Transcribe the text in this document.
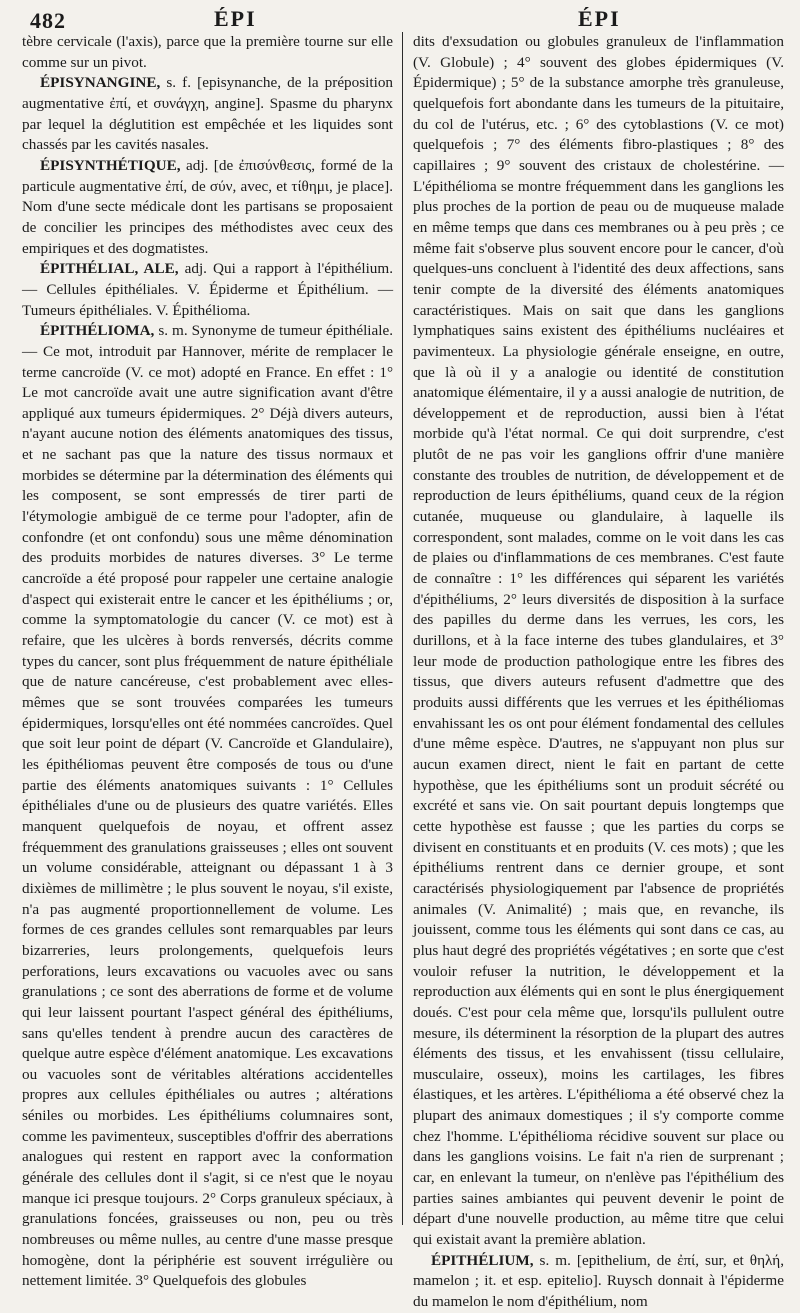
482	ÉPI	ÉPI

tèbre cervicale (l'axis), parce que la première tourne sur elle comme sur un pivot.

ÉPISYNANGINE, s. f. [episynanche, de la préposition augmentative ἐπί, et συνάγχη, angine]. Spasme du pharynx par lequel la déglutition est empêchée et les liquides sont chassés par les cavités nasales.

ÉPISYNTHÉTIQUE, adj. [de ἐπισύνθεσις, formé de la particule augmentative ἐπί, de σύν, avec, et τίθημι, je place]. Nom d'une secte médicale dont les partisans se proposaient de concilier les principes des méthodistes avec ceux des empiriques et des dogmatistes.

ÉPITHÉLIAL, ALE, adj. Qui a rapport à l'épithélium. — Cellules épithéliales. V. Épiderme et Épithélium. — Tumeurs épithéliales. V. Épithélioma.

ÉPITHÉLIOMA, s. m. Synonyme de tumeur épithéliale. — Ce mot, introduit par Hannover, mérite de remplacer le terme cancroïde (V. ce mot) adopté en France. En effet : 1° Le mot cancroïde avait une autre signification avant d'être appliqué aux tumeurs épidermiques. 2° Déjà divers auteurs, n'ayant aucune notion des éléments anatomiques des tissus, et ne sachant pas que la nature des tissus normaux et morbides se détermine par la détermination des éléments qui les composent, se sont empressés de tirer parti de l'étymologie ambiguë de ce terme pour l'adopter, afin de confondre (et ont confondu) sous une même dénomination des produits morbides de natures diverses. 3° Le terme cancroïde a été proposé pour rappeler une certaine analogie d'aspect qui existerait entre le cancer et les épithéliums ; or, comme la symptomatologie du cancer (V. ce mot) est à refaire, que les ulcères à bords renversés, décrits comme types du cancer, sont plus fréquemment de nature épithéliale que de nature cancéreuse, c'est probablement avec elles-mêmes que se sont trouvées comparées les tumeurs épidermiques, lorsqu'elles ont été nommées cancroïdes. Quel que soit leur point de départ (V. Cancroïde et Glandulaire), les épithéliomas peuvent être composés de tous ou d'une partie des éléments anatomiques suivants : 1° Cellules épithéliales d'une ou de plusieurs des quatre variétés. Elles manquent quelquefois de noyau, et offrent assez fréquemment des granulations graisseuses ; elles ont souvent un volume considérable, atteignant ou dépassant 1 à 3 dixièmes de millimètre ; le plus souvent le noyau, s'il existe, n'a pas augmenté proportionnellement de volume. Les formes de ces grandes cellules sont remarquables par leurs bizarreries, leurs prolongements, quelquefois leurs perforations, leurs excavations ou vacuoles avec ou sans granulations ; ce sont des aberrations de forme et de volume qui leur laissent pourtant l'aspect général des épithéliums, sans qu'elles tendent à prendre aucun des caractères de quelque autre espèce d'élément anatomique. Les excavations ou vacuoles sont de véritables altérations accidentelles propres aux cellules épithéliales ou autres ; altérations séniles ou morbides. Les épithéliums columnaires sont, comme les pavimenteux, susceptibles d'offrir des aberrations analogues qui restent en rapport avec la conformation générale des cellules dont il s'agit, si ce n'est que le noyau manque ici presque toujours. 2° Corps granuleux spéciaux, à granulations foncées, graisseuses ou non, peu ou très nombreuses ou même nulles, au centre d'une masse presque homogène, dont la périphérie est souvent irrégulière ou nettement limitée. 3° Quelquefois des globules

dits d'exsudation ou globules granuleux de l'inflammation (V. Globule) ; 4° souvent des globes épidermiques (V. Épidermique) ; 5° de la substance amorphe très granuleuse, quelquefois fort abondante dans les tumeurs de la pituitaire, du col de l'utérus, etc. ; 6° des cytoblastions (V. ce mot) quelquefois ; 7° des éléments fibro-plastiques ; 8° des capillaires ; 9° souvent des cristaux de cholestérine. — L'épithélioma se montre fréquemment dans les ganglions les plus proches de la portion de peau ou de muqueuse malade en même temps que dans ces membranes ou à peu près ; ce même fait s'observe plus souvent encore pour le cancer, d'où quelques-uns concluent à l'identité des deux affections, sans tenir compte de la diversité des éléments anatomiques caractéristiques. Mais on sait que dans les ganglions lymphatiques sains existent des épithéliums nucléaires et pavimenteux. La physiologie générale enseigne, en outre, que là où il y a analogie ou identité de constitution anatomique élémentaire, il y a aussi analogie de nutrition, de développement et de reproduction, aussi bien à l'état morbide qu'à l'état normal. Ce qui doit surprendre, c'est plutôt de ne pas voir les ganglions offrir d'une manière constante des troubles de nutrition, de développement et de reproduction de leurs épithéliums, quand ceux de la région cutanée, muqueuse ou glandulaire, à laquelle ils correspondent, sont malades, comme on le voit dans les cas de plaies ou d'inflammations de ces membranes. C'est faute de connaître : 1° les différences qui séparent les variétés d'épithéliums, 2° leurs diversités de disposition à la surface des papilles du derme dans les verrues, les cors, les durillons, et à la face interne des tubes glandulaires, et 3° leur mode de production pathologique entre les fibres des tissus, que divers auteurs refusent d'admettre que des produits aussi différents que les verrues et les épithéliomas envahissant les os ont pour élément fondamental des cellules d'une même espèce. D'autres, ne s'appuyant non plus sur aucun examen direct, nient le fait en partant de cette hypothèse, que les épithéliums sont un produit sécrété ou excrété et sans vie. On sait pourtant depuis longtemps que cette hypothèse est fausse ; que les parties du corps se divisent en constituants et en produits (V. ces mots) ; que les épithéliums rentrent dans ce dernier groupe, et sont caractérisés physiologiquement par l'absence de propriétés animales (V. Animalité) ; mais que, en revanche, ils jouissent, comme tous les éléments qui sont dans ce cas, au plus haut degré des propriétés végétatives ; en sorte que c'est vouloir refuser la nutrition, le développement et la reproduction aux éléments qui en sont le plus énergiquement doués. C'est pour cela même que, lorsqu'ils pullulent outre mesure, ils déterminent la résorption de la plupart des autres éléments des tissus, et les envahissent (tissu cellulaire, musculaire, osseux), moins les cartilages, les fibres élastiques, et les artères. L'épithélioma a été observé chez la plupart des animaux domestiques ; il s'y comporte comme chez l'homme. L'épithélioma récidive souvent sur place ou dans les ganglions voisins. Le fait n'a rien de surprenant ; car, en enlevant la tumeur, on n'enlève pas l'épithélium des parties saines ambiantes qui peuvent devenir le point de départ d'une nouvelle production, au même titre que celui qui existait avant la première ablation.

ÉPITHÉLIUM, s. m. [epithelium, de ἐπί, sur, et θηλή, mamelon ; it. et esp. epitelio]. Ruysch donnait à l'épiderme du mamelon le nom d'épithélium, nom
